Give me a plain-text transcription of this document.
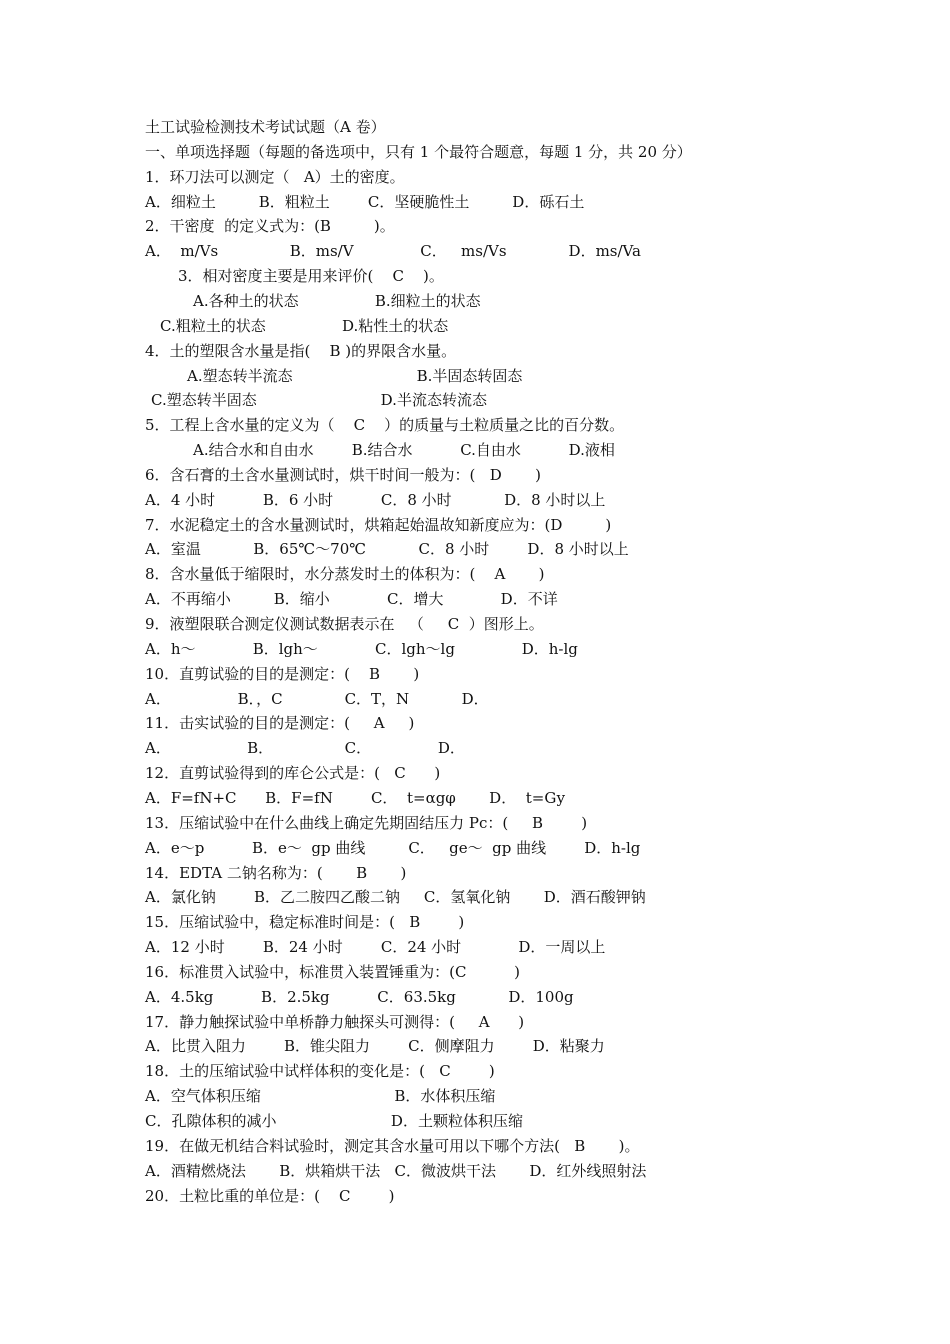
土工试验检测技术考试试题（A 卷）
一、单项选择题（每题的备选项中，只有 1 个最符合题意，每题 1 分，共 20 分）
1．环刀法可以测定（   A）土的密度。
A．细粒土         B．粗粒土        C．坚硬脆性土         D．砾石土
2．干密度  的定义式为：(B         )。
A．  m/Vs               B．ms/V              C．   ms/Vs             D．ms/Va
3．相对密度主要是用来评价(    C    )。
A.各种土的状态                B.细粒土的状态
C.粗粒土的状态                D.粘性土的状态
4．土的塑限含水量是指(    B )的界限含水量。
A.塑态转半流态                          B.半固态转固态
C.塑态转半固态                          D.半流态转流态
5．工程上含水量的定义为（    C    ）的质量与土粒质量之比的百分数。
A.结合水和自由水        B.结合水          C.自由水          D.液相
6．含石膏的土含水量测试时，烘干时间一般为：(   D       )
A．4 小时          B．6 小时          C．8 小时           D．8 小时以上
7．水泥稳定土的含水量测试时，烘箱起始温故知新度应为：(D         )
A．室温           B．65℃～70℃           C．8 小时        D．8 小时以上
8．含水量低于缩限时，水分蒸发时土的体积为：(    A       )
A．不再缩小         B．缩小            C．增大            D．不详
9．液塑限联合测定仪测试数据表示在   （     C  ）图形上。
A．h～            B．lgh～            C．lgh～lg              D．h-lg
10．直剪试验的目的是测定：(    B       )
A．              B．，C             C．T，N           D．
11．击实试验的目的是测定：(     A     )
A．                B．               C．              D．
12．直剪试验得到的库仑公式是：(   C      )
A．F=fN+C      B．F=fN        C．  t=αgφ       D．  t=Gу
13．压缩试验中在什么曲线上确定先期固结压力 Pc：(     B        )
A．e～p          B．e～  gp 曲线         C．   ge～  gp 曲线        D．h-lg
14．EDTA 二钠名称为：(       B       )
A．氯化钠        B．乙二胺四乙酸二钠     C．氢氧化钠       D．酒石酸钾钠
15．压缩试验中，稳定标准时间是：(   B        )
A．12 小时        B．24 小时        C．24 小时            D．一周以上
16．标准贯入试验中，标准贯入装置锤重为：(C          )
A．4.5kg          B．2.5kg          C．63.5kg           D．100g
17．静力触探试验中单桥静力触探头可测得：(     A      )
A．比贯入阻力        B．锥尖阻力        C．侧摩阻力        D．粘聚力
18．土的压缩试验中试样体积的变化是：(   C        )
A．空气体积压缩                            B．水体积压缩
C．孔隙体积的减小                        D．土颗粒体积压缩
19．在做无机结合料试验时，测定其含水量可用以下哪个方法(   B       )。
A．酒精燃烧法       B．烘箱烘干法   C．微波烘干法       D．红外线照射法
20．土粒比重的单位是：(    C        )
